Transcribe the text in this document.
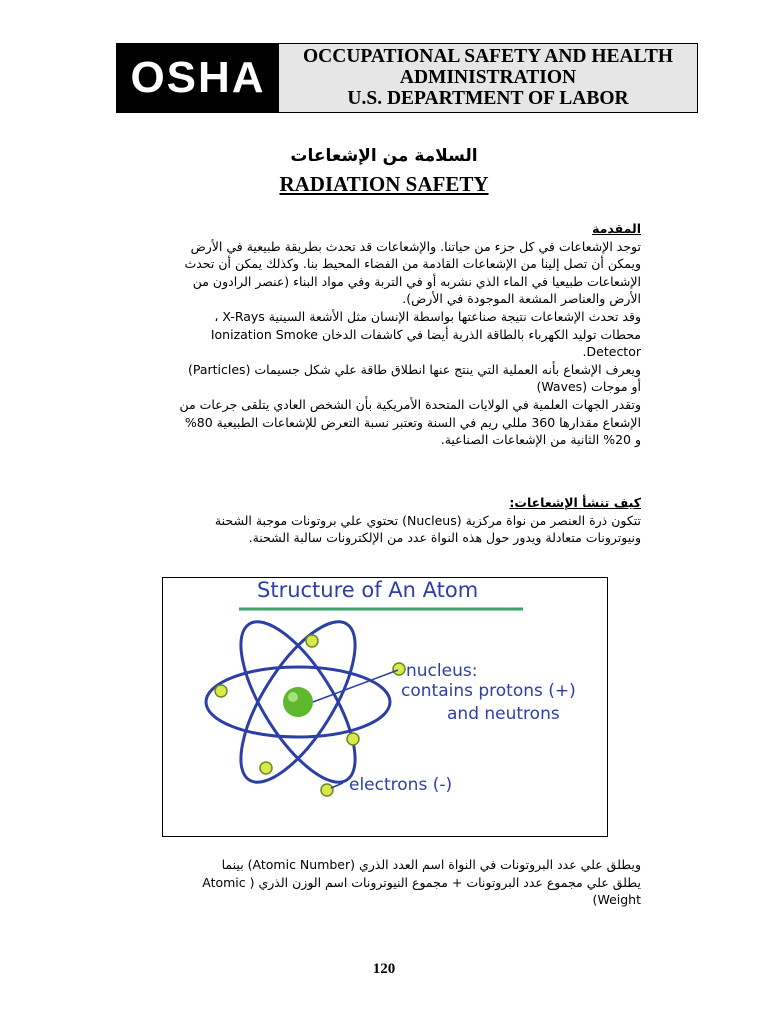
OSHA	OCCUPATIONAL SAFETY AND HEALTH
ADMINISTRATION
U.S. DEPARTMENT OF LABOR
السلامة من الإشعاعات
RADIATION SAFETY
المقدمة
توجد الإشعاعات في كل جزء من حياتنا. والإشعاعات قد تحدث بطريقة طبيعية في الأرض
ويمكن أن تصل إلينا من الإشعاعات القادمة من الفضاء المحيط بنا. وكذلك يمكن أن تحدث
الإشعاعات طبيعيا في الماء الذي نشربه أو في التربة وفي مواد البناء (عنصر الرادون من
الأرض والعناصر المشعة الموجودة في الأرض).
وقد تحدث الإشعاعات نتيجة صناعتها بواسطة الإنسان مثل الأشعة السينية X-Rays ،
محطات توليد الكهرباء بالطاقة الذرية أيضا في كاشفات الدخان Ionization Smoke
Detector.
ويعرف الإشعاع بأنه العملية التي ينتج عنها انطلاق طاقة علي شكل جسيمات (Particles)
أو موجات (Waves)
وتقدر الجهات العلمية في الولايات المتحدة الأمريكية بأن الشخص العادي يتلقى جرعات من
الإشعاع مقدارها 360 مللي ريم في السنة وتعتبر نسبة التعرض للإشعاعات الطبيعية 80%
و 20% الثانية من الإشعاعات الصناعية.
كيف تنشأ الإشعاعات:
تتكون ذرة العنصر من نواة مركزية (Nucleus) تحتوي علي بروتونات موجبة الشحنة
ونيوترونات متعادلة ويدور حول هذه النواة عدد من الإلكترونات سالبة الشحنة.
Structure of An Atom
nucleus:
contains protons (+)
and neutrons
electrons (-)
ويطلق علي عدد البروتونات في النواة اسم العدد الذري (Atomic Number) بينما
يطلق علي مجموع عدد البروتونات + مجموع النيوترونات اسم الوزن الذري ( Atomic
Weight)
120
